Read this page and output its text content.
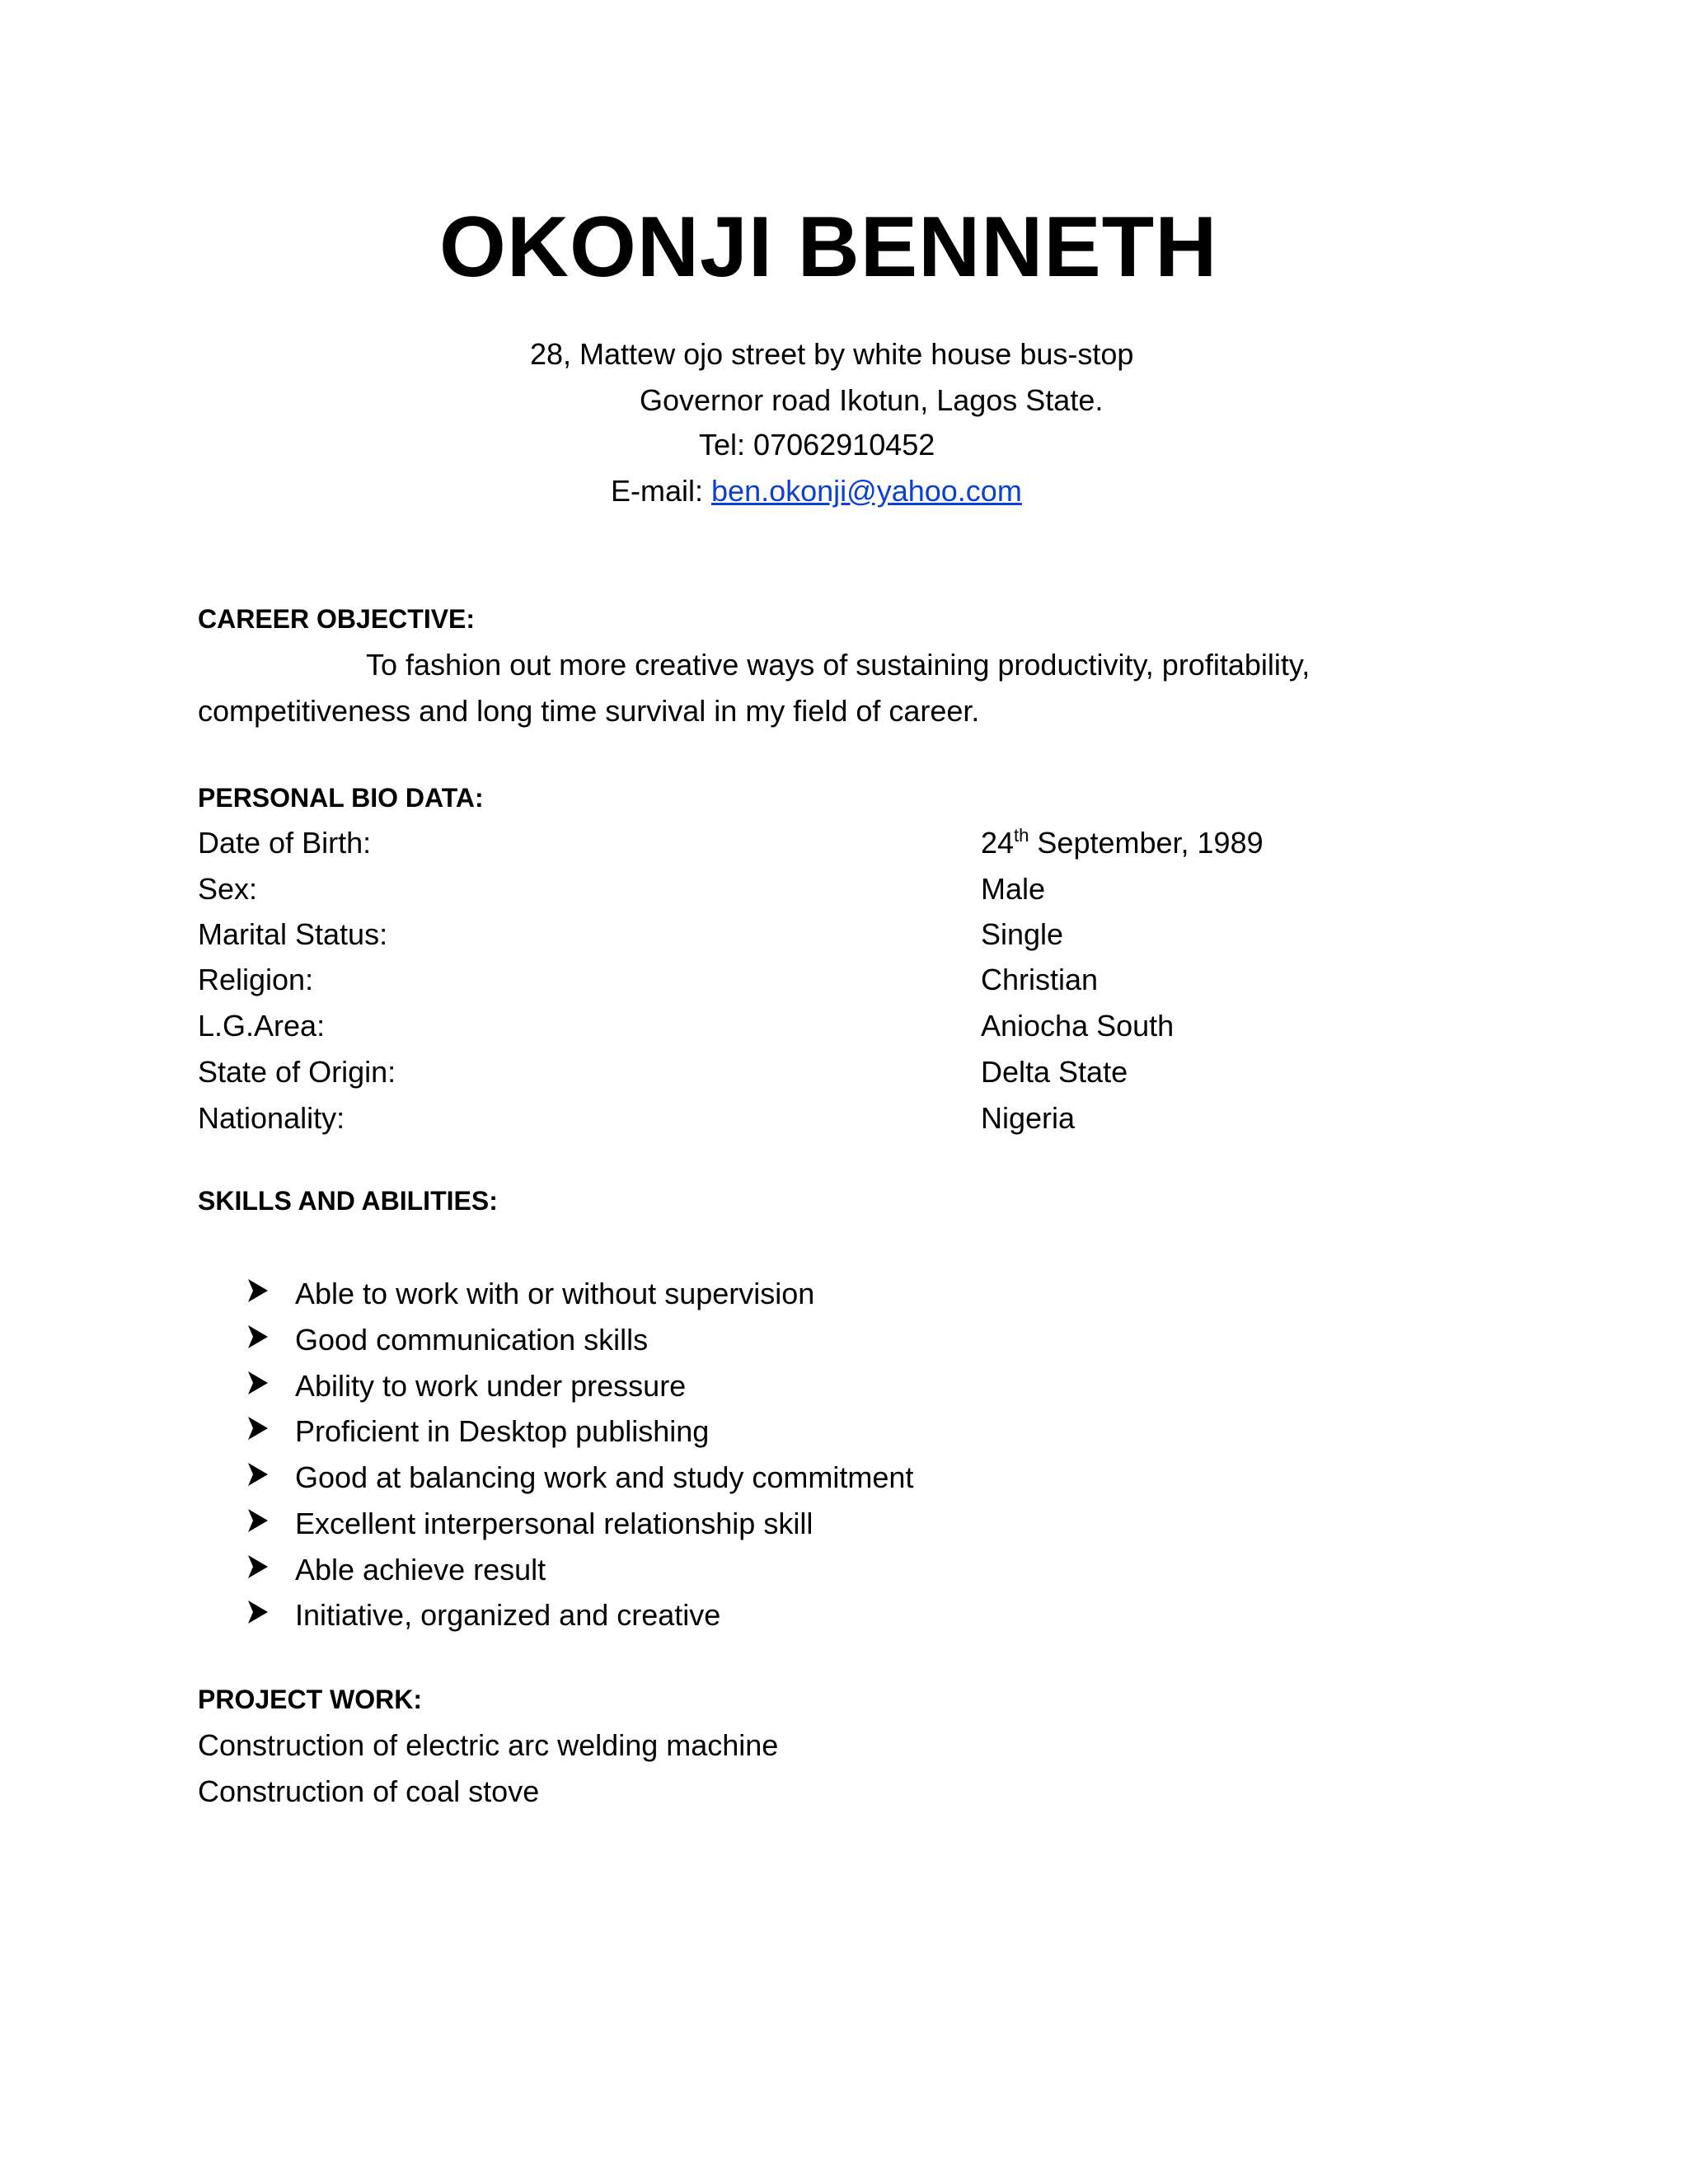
OKONJI BENNETH
28, Mattew ojo street by white house bus-stop
Governor road Ikotun, Lagos State.
Tel: 07062910452
E-mail: ben.okonji@yahoo.com
CAREER OBJECTIVE:
To fashion out more creative ways of sustaining productivity, profitability,
competitiveness and long time survival in my field of career.
PERSONAL BIO DATA:
Date of Birth:	24th September, 1989
Sex:	Male
Marital Status:	Single
Religion:	Christian
L.G.Area:	Aniocha South
State of Origin:	Delta State
Nationality:	Nigeria
SKILLS AND ABILITIES:
Able to work with or without supervision
Good communication skills
Ability to work under pressure
Proficient in Desktop publishing
Good at balancing work and study commitment
Excellent interpersonal relationship skill
Able achieve result
Initiative, organized and creative
PROJECT WORK:
Construction of electric arc welding machine
Construction of coal stove
